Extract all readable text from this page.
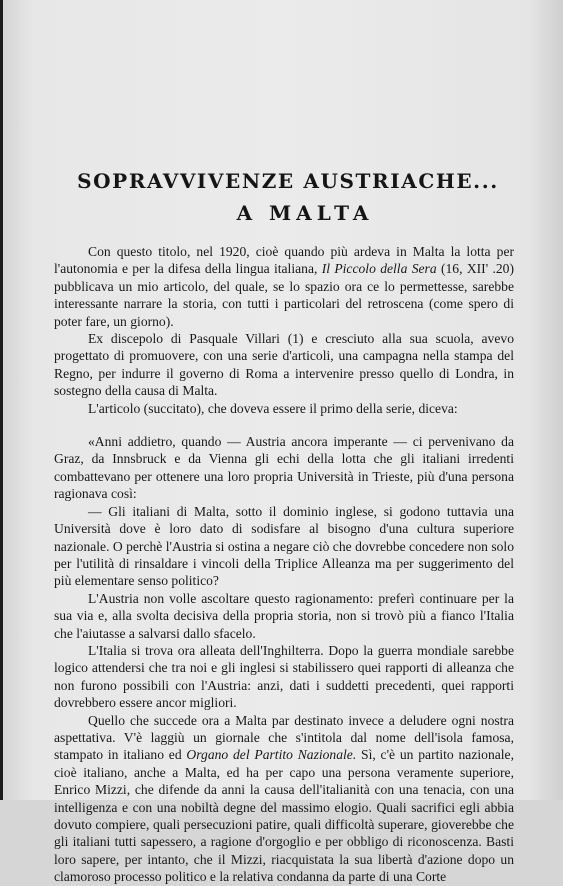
SOPRAVVIVENZE AUSTRIACHE...
A MALTA

Con questo titolo, nel 1920, cioè quando più ardeva in Malta la lotta per l'autonomia e per la difesa della lingua italiana, Il Piccolo della Sera (16, XII' .20) pubblicava un mio articolo, del quale, se lo spazio ora ce lo permettesse, sarebbe interessante narrare la storia, con tutti i particolari del retroscena (come spero di poter fare, un giorno).

Ex discepolo di Pasquale Villari (1) e cresciuto alla sua scuola, avevo progettato di promuovere, con una serie d'articoli, una campagna nella stampa del Regno, per indurre il governo di Roma a intervenire presso quello di Londra, in sostegno della causa di Malta.

L'articolo (succitato), che doveva essere il primo della serie, diceva:

«Anni addietro, quando — Austria ancora imperante — ci pervenivano da Graz, da Innsbruck e da Vienna gli echi della lotta che gli italiani irredenti combattevano per ottenere una loro propria Università in Trieste, più d'una persona ragionava così:

— Gli italiani di Malta, sotto il dominio inglese, si godono tuttavia una Università dove è loro dato di sodisfare al bisogno d'una cultura superiore nazionale. O perchè l'Austria si ostina a negare ciò che dovrebbe concedere non solo per l'utilità di rinsaldare i vincoli della Triplice Alleanza ma per suggerimento del più elementare senso politico?

L'Austria non volle ascoltare questo ragionamento: preferì continuare per la sua via e, alla svolta decisiva della propria storia, non si trovò più a fianco l'Italia che l'aiutasse a salvarsi dallo sfacelo.

L'Italia si trova ora alleata dell'Inghilterra. Dopo la guerra mondiale sarebbe logico attendersi che tra noi e gli inglesi si stabilissero quei rapporti di alleanza che non furono possibili con l'Austria: anzi, dati i suddetti precedenti, quei rapporti dovrebbero essere ancor migliori.

Quello che succede ora a Malta par destinato invece a deludere ogni nostra aspettativa. V'è laggiù un giornale che s'intitola dal nome dell'isola famosa, stampato in italiano ed Organo del Partito Nazionale. Sì, c'è un partito nazionale, cioè italiano, anche a Malta, ed ha per capo una persona veramente superiore, Enrico Mizzi, che difende da anni la causa dell'italianità con una tenacia, con una intelligenza e con una nobiltà degne del massimo elogio. Quali sacrifici egli abbia dovuto compiere, quali persecuzioni patire, quali difficoltà superare, gioverebbe che gli italiani tutti sapessero, a ragione d'orgoglio e per obbligo di riconoscenza. Basti loro sapere, per intanto, che il Mizzi, riacquistata la sua libertà d'azione dopo un clamoroso processo politico e la relativa condanna da parte di una Corte
